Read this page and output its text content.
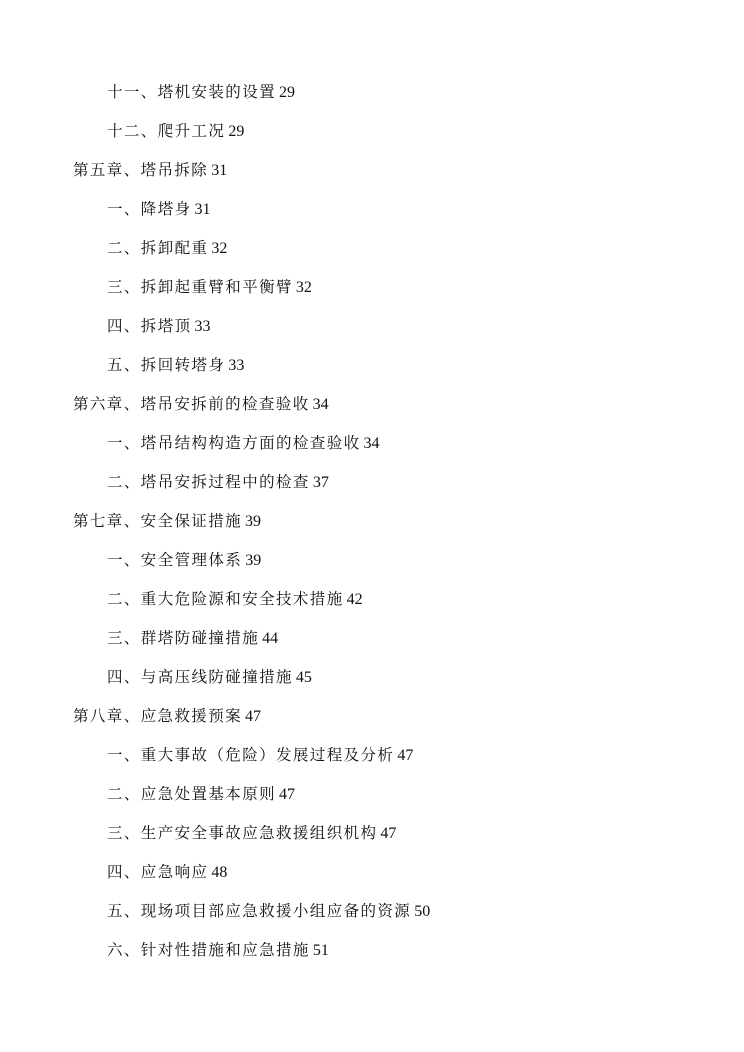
十一、塔机安装的设置 29
十二、爬升工况 29
第五章、塔吊拆除 31
一、降塔身 31
二、拆卸配重 32
三、拆卸起重臂和平衡臂 32
四、拆塔顶 33
五、拆回转塔身 33
第六章、塔吊安拆前的检查验收 34
一、塔吊结构构造方面的检查验收 34
二、塔吊安拆过程中的检查 37
第七章、安全保证措施 39
一、安全管理体系 39
二、重大危险源和安全技术措施 42
三、群塔防碰撞措施 44
四、与高压线防碰撞措施 45
第八章、应急救援预案 47
一、重大事故（危险）发展过程及分析 47
二、应急处置基本原则 47
三、生产安全事故应急救援组织机构 47
四、应急响应 48
五、现场项目部应急救援小组应备的资源 50
六、针对性措施和应急措施 51
